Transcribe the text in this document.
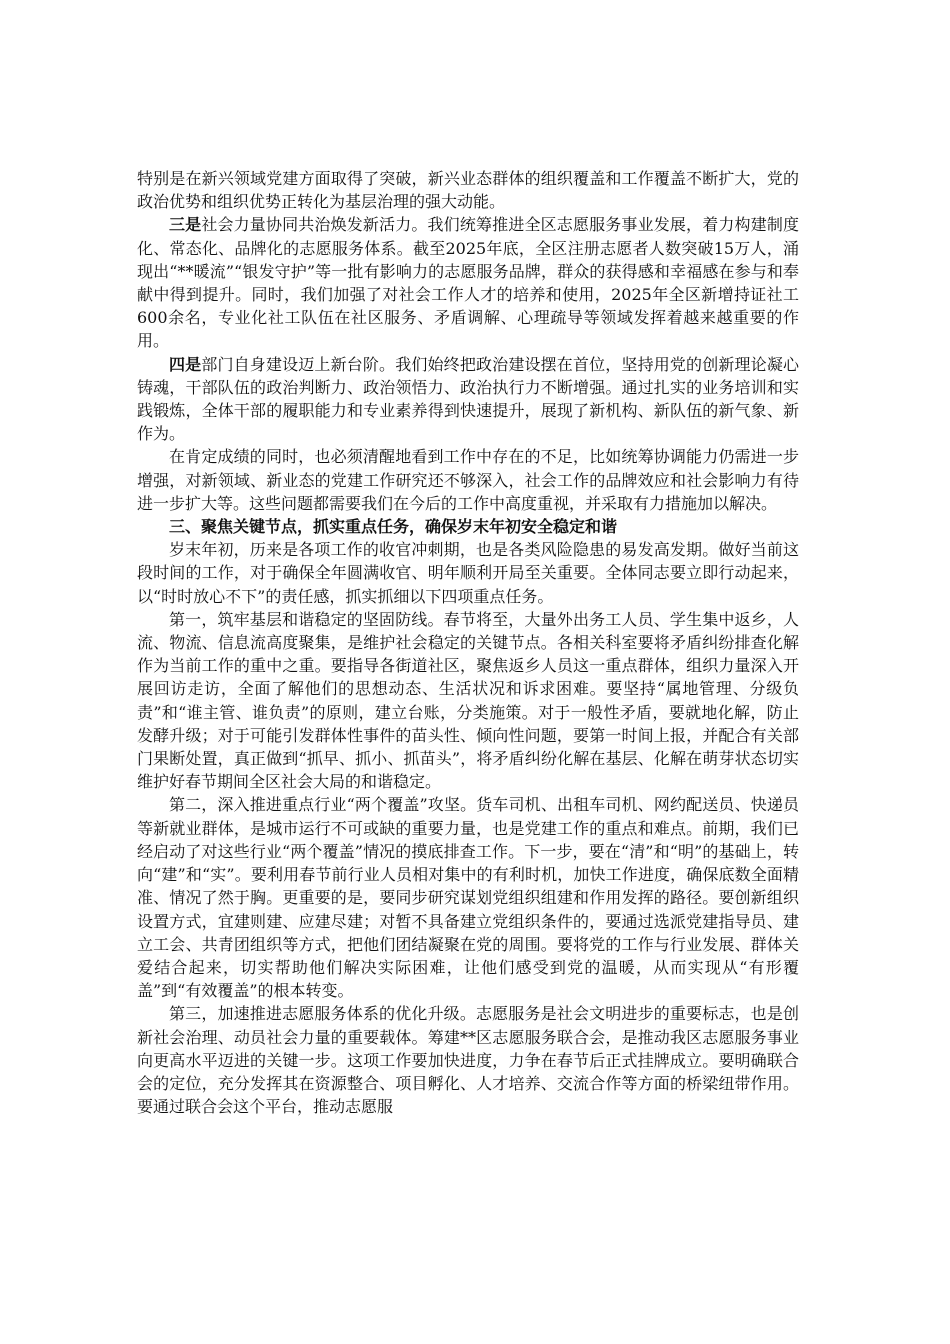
特别是在新兴领域党建方面取得了突破，新兴业态群体的组织覆盖和工作覆盖不断扩大，党的政治优势和组织优势正转化为基层治理的强大动能。

三是社会力量协同共治焕发新活力。我们统筹推进全区志愿服务事业发展，着力构建制度化、常态化、品牌化的志愿服务体系。截至2025年底，全区注册志愿者人数突破15万人，涌现出“**暖流”“银发守护”等一批有影响力的志愿服务品牌，群众的获得感和幸福感在参与和奉献中得到提升。同时，我们加强了对社会工作人才的培养和使用，2025年全区新增持证社工600余名，专业化社工队伍在社区服务、矛盾调解、心理疏导等领域发挥着越来越重要的作用。

四是部门自身建设迈上新台阶。我们始终把政治建设摆在首位，坚持用党的创新理论凝心铸魂，干部队伍的政治判断力、政治领悟力、政治执行力不断增强。通过扎实的业务培训和实践锻炼，全体干部的履职能力和专业素养得到快速提升，展现了新机构、新队伍的新气象、新作为。

在肯定成绩的同时，也必须清醒地看到工作中存在的不足，比如统筹协调能力仍需进一步增强，对新领域、新业态的党建工作研究还不够深入，社会工作的品牌效应和社会影响力有待进一步扩大等。这些问题都需要我们在今后的工作中高度重视，并采取有力措施加以解决。

三、聚焦关键节点，抓实重点任务，确保岁末年初安全稳定和谐

岁末年初，历来是各项工作的收官冲刺期，也是各类风险隐患的易发高发期。做好当前这段时间的工作，对于确保全年圆满收官、明年顺利开局至关重要。全体同志要立即行动起来，以“时时放心不下”的责任感，抓实抓细以下四项重点任务。

第一，筑牢基层和谐稳定的坚固防线。春节将至，大量外出务工人员、学生集中返乡，人流、物流、信息流高度聚集，是维护社会稳定的关键节点。各相关科室要将矛盾纠纷排查化解作为当前工作的重中之重。要指导各街道社区，聚焦返乡人员这一重点群体，组织力量深入开展回访走访，全面了解他们的思想动态、生活状况和诉求困难。要坚持“属地管理、分级负责”和“谁主管、谁负责”的原则，建立台账，分类施策。对于一般性矛盾，要就地化解，防止发酵升级；对于可能引发群体性事件的苗头性、倾向性问题，要第一时间上报，并配合有关部门果断处置，真正做到“抓早、抓小、抓苗头”，将矛盾纠纷化解在基层、化解在萌芽状态切实维护好春节期间全区社会大局的和谐稳定。

第二，深入推进重点行业“两个覆盖”攻坚。货车司机、出租车司机、网约配送员、快递员等新就业群体，是城市运行不可或缺的重要力量，也是党建工作的重点和难点。前期，我们已经启动了对这些行业“两个覆盖”情况的摸底排查工作。下一步，要在“清”和“明”的基础上，转向“建”和“实”。要利用春节前行业人员相对集中的有利时机，加快工作进度，确保底数全面精准、情况了然于胸。更重要的是，要同步研究谋划党组织组建和作用发挥的路径。要创新组织设置方式，宜建则建、应建尽建；对暂不具备建立党组织条件的，要通过选派党建指导员、建立工会、共青团组织等方式，把他们团结凝聚在党的周围。要将党的工作与行业发展、群体关爱结合起来，切实帮助他们解决实际困难，让他们感受到党的温暖，从而实现从“有形覆盖”到“有效覆盖”的根本转变。

第三，加速推进志愿服务体系的优化升级。志愿服务是社会文明进步的重要标志，也是创新社会治理、动员社会力量的重要载体。筹建**区志愿服务联合会，是推动我区志愿服务事业向更高水平迈进的关键一步。这项工作要加快进度，力争在春节后正式挂牌成立。要明确联合会的定位，充分发挥其在资源整合、项目孵化、人才培养、交流合作等方面的桥梁纽带作用。要通过联合会这个平台，推动志愿服
